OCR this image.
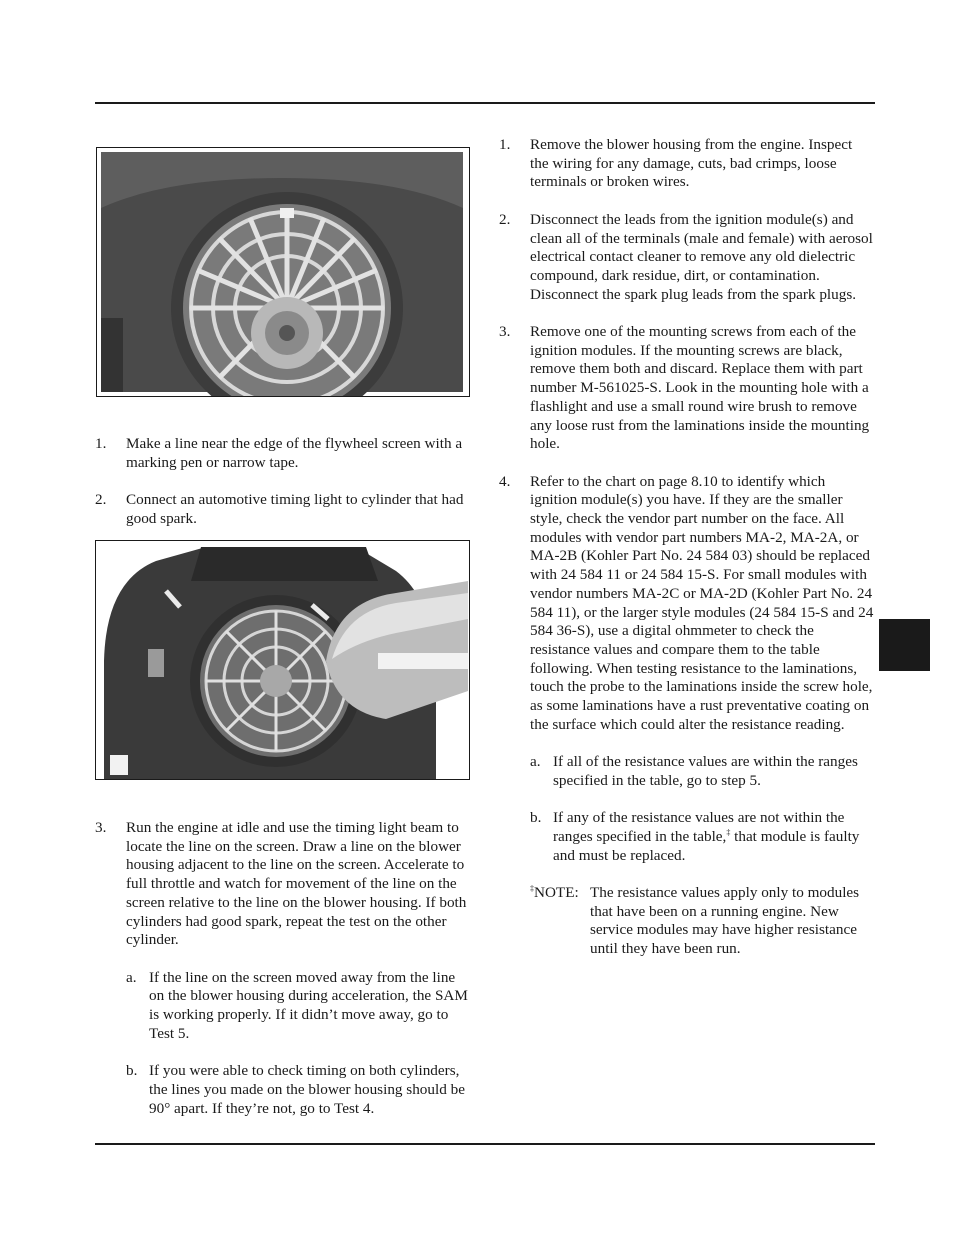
1. Make a line near the edge of the flywheel screen with a marking pen or narrow tape.

2. Connect an automotive timing light to cylinder that had good spark.

3. Run the engine at idle and use the timing light beam to locate the line on the screen. Draw a line on the blower housing adjacent to the line on the screen. Accelerate to full throttle and watch for movement of the line on the screen relative to the line on the blower housing. If both cylinders had good spark, repeat the test on the other cylinder.

a. If the line on the screen moved away from the line on the blower housing during acceleration, the SAM is working properly. If it didn’t move away, go to Test 5.

b. If you were able to check timing on both cylinders, the lines you made on the blower housing should be 90° apart. If they’re not, go to Test 4.

1. Remove the blower housing from the engine. Inspect the wiring for any damage, cuts, bad crimps, loose terminals or broken wires.

2. Disconnect the leads from the ignition module(s) and clean all of the terminals (male and female) with aerosol electrical contact cleaner to remove any old dielectric compound, dark residue, dirt, or contamination. Disconnect the spark plug leads from the spark plugs.

3. Remove one of the mounting screws from each of the ignition modules. If the mounting screws are black, remove them both and discard. Replace them with part number M-561025-S. Look in the mounting hole with a flashlight and use a small round wire brush to remove any loose rust from the laminations inside the mounting hole.

4. Refer to the chart on page 8.10 to identify which ignition module(s) you have. If they are the smaller style, check the vendor part number on the face. All modules with vendor part numbers MA-2, MA-2A, or MA-2B (Kohler Part No. 24 584 03) should be replaced with 24 584 11 or 24 584 15-S. For small modules with vendor numbers MA-2C or MA-2D (Kohler Part No. 24 584 11), or the larger style modules (24 584 15-S and 24 584 36-S), use a digital ohmmeter to check the resistance values and compare them to the table following. When testing resistance to the laminations, touch the probe to the laminations inside the screw hole, as some laminations have a rust preventative coating on the surface which could alter the resistance reading.

a. If all of the resistance values are within the ranges specified in the table, go to step 5.

b. If any of the resistance values are not within the ranges specified in the table,‡ that module is faulty and must be replaced.

‡NOTE: The resistance values apply only to modules that have been on a running engine. New service modules may have higher resistance until they have been run.
